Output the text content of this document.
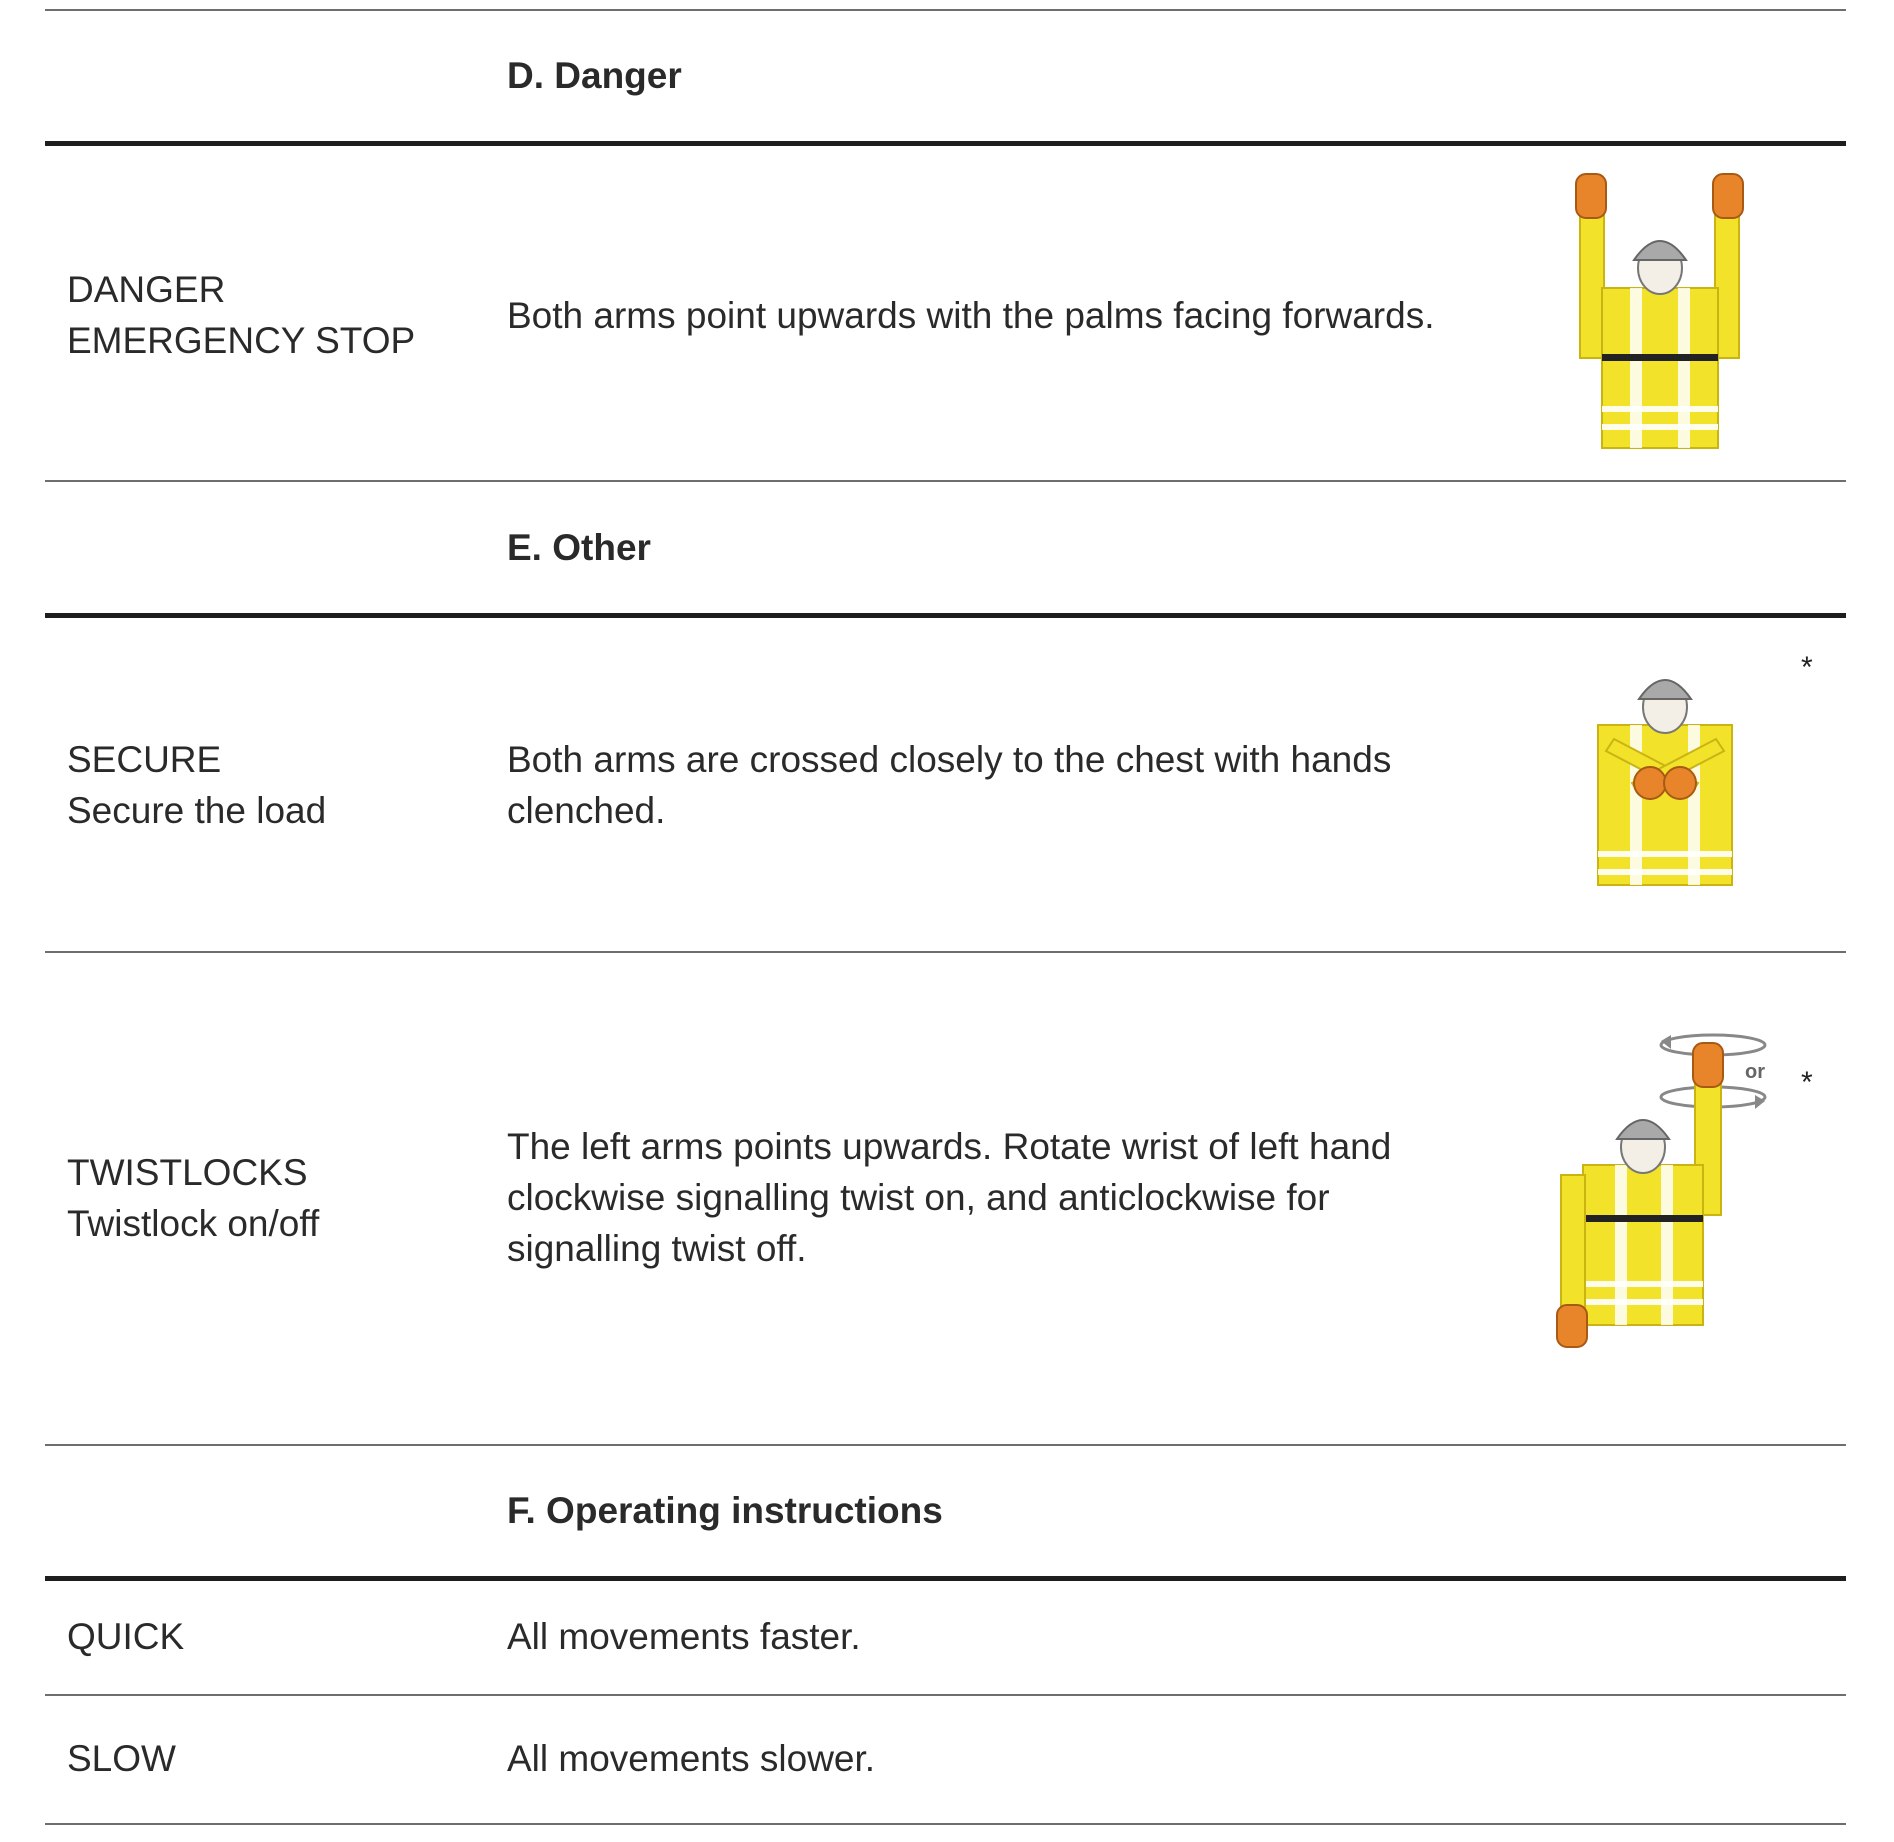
D. Danger
DANGER
EMERGENCY STOP
Both arms point upwards with the palms facing forwards.
E. Other
SECURE
Secure the load
Both arms are crossed closely to the chest with hands
clenched.
*
TWISTLOCKS
Twistlock on/off
The left arms points upwards. Rotate wrist of left hand
clockwise signalling twist on, and anticlockwise for
signalling twist off.
or *
F. Operating instructions
QUICK	All movements faster.
SLOW	All movements slower.
